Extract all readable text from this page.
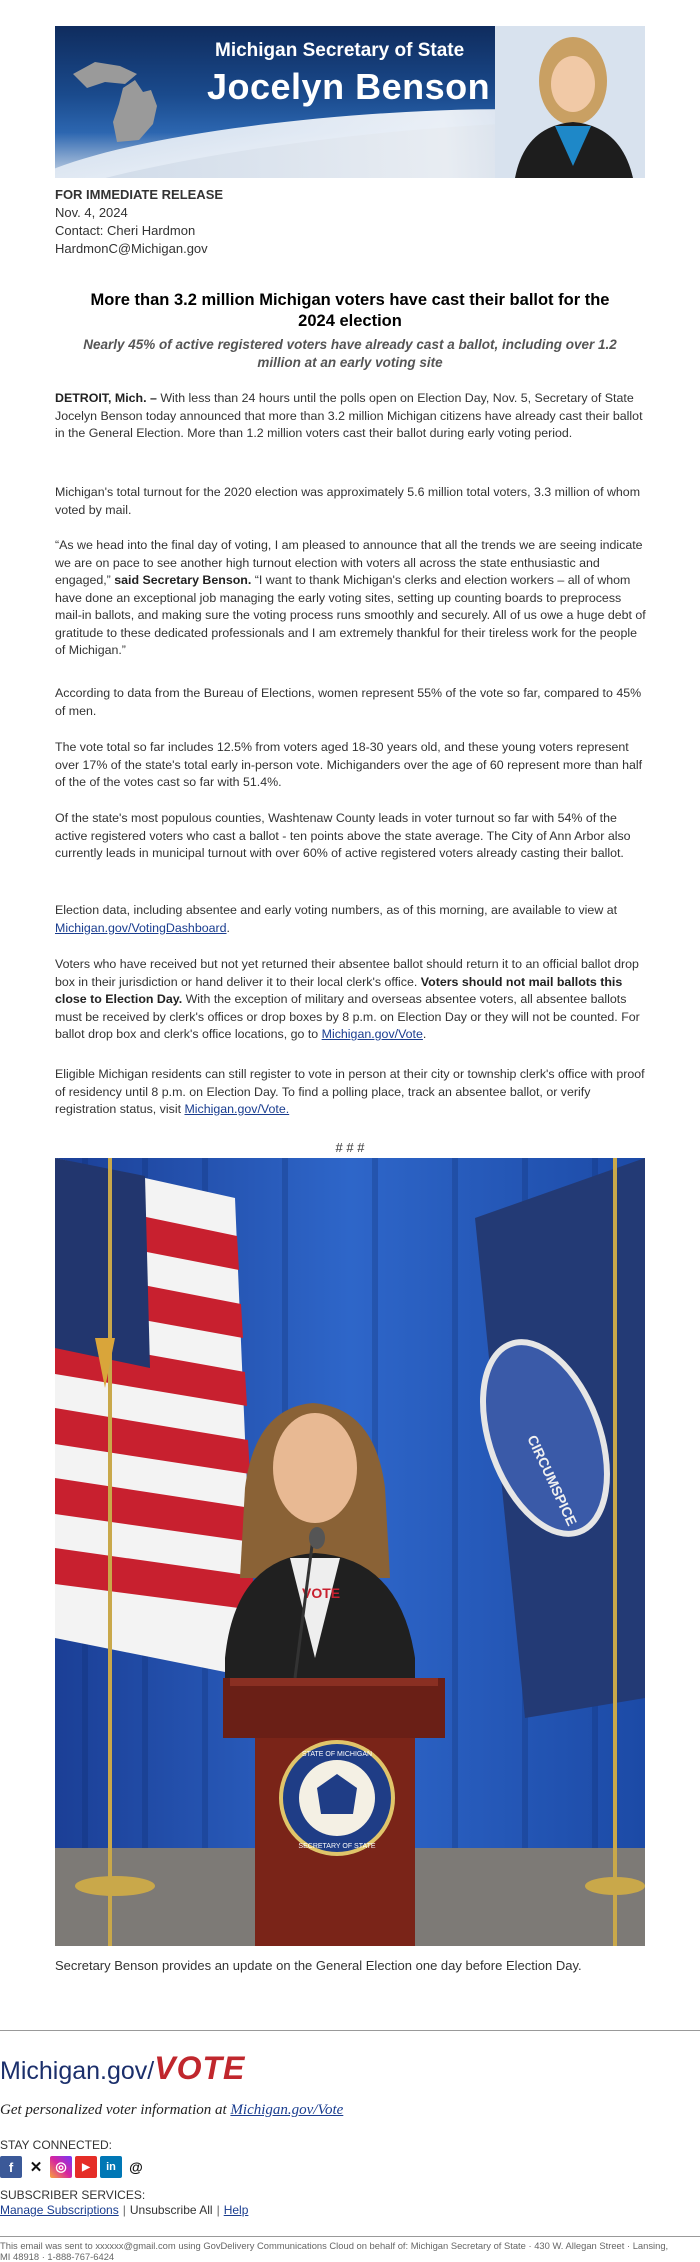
Michigan Secretary of State
Jocelyn Benson
FOR IMMEDIATE RELEASE
Nov. 4, 2024
Contact: Cheri Hardmon
HardmonC@Michigan.gov
More than 3.2 million Michigan voters have cast their ballot for the 2024 election
Nearly 45% of active registered voters have already cast a ballot, including over 1.2 million at an early voting site

DETROIT, Mich. – With less than 24 hours until the polls open on Election Day, Nov. 5, Secretary of State Jocelyn Benson today announced that more than 3.2 million Michigan citizens have already cast their ballot in the General Election. More than 1.2 million voters cast their ballot during early voting period.

Michigan's total turnout for the 2020 election was approximately 5.6 million total voters, 3.3 million of whom voted by mail.

“As we head into the final day of voting, I am pleased to announce that all the trends we are seeing indicate we are on pace to see another high turnout election with voters all across the state enthusiastic and engaged,” said Secretary Benson. “I want to thank Michigan's clerks and election workers – all of whom have done an exceptional job managing the early voting sites, setting up counting boards to preprocess mail-in ballots, and making sure the voting process runs smoothly and securely. All of us owe a huge debt of gratitude to these dedicated professionals and I am extremely thankful for their tireless work for the people of Michigan.”

According to data from the Bureau of Elections, women represent 55% of the vote so far, compared to 45% of men.

The vote total so far includes 12.5% from voters aged 18-30 years old, and these young voters represent over 17% of the state's total early in-person vote. Michiganders over the age of 60 represent more than half of the of the votes cast so far with 51.4%.

Of the state's most populous counties, Washtenaw County leads in voter turnout so far with 54% of the active registered voters who cast a ballot - ten points above the state average. The City of Ann Arbor also currently leads in municipal turnout with over 60% of active registered voters already casting their ballot.

Election data, including absentee and early voting numbers, as of this morning, are available to view at Michigan.gov/VotingDashboard.

Voters who have received but not yet returned their absentee ballot should return it to an official ballot drop box in their jurisdiction or hand deliver it to their local clerk's office. Voters should not mail ballots this close to Election Day. With the exception of military and overseas absentee voters, all absentee ballots must be received by clerk's offices or drop boxes by 8 p.m. on Election Day or they will not be counted. For ballot drop box and clerk's office locations, go to Michigan.gov/Vote.

Eligible Michigan residents can still register to vote in person at their city or township clerk's office with proof of residency until 8 p.m. on Election Day. To find a polling place, track an absentee ballot, or verify registration status, visit Michigan.gov/Vote.

# # #
CIRCUMSPICE
VOTE
STATE OF MICHIGAN
SECRETARY OF STATE
Secretary Benson provides an update on the General Election one day before Election Day.
Michigan.gov/VOTE
Get personalized voter information at Michigan.gov/Vote
STAY CONNECTED:
f	✕	◎	▶	in @
SUBSCRIBER SERVICES:
Manage Subscriptions | Unsubscribe All | Help
This email was sent to xxxxxx@gmail.com using GovDelivery Communications Cloud on behalf of: Michigan Secretary of State · 430 W. Allegan Street · Lansing, MI 48918 · 1-888-767-6424
